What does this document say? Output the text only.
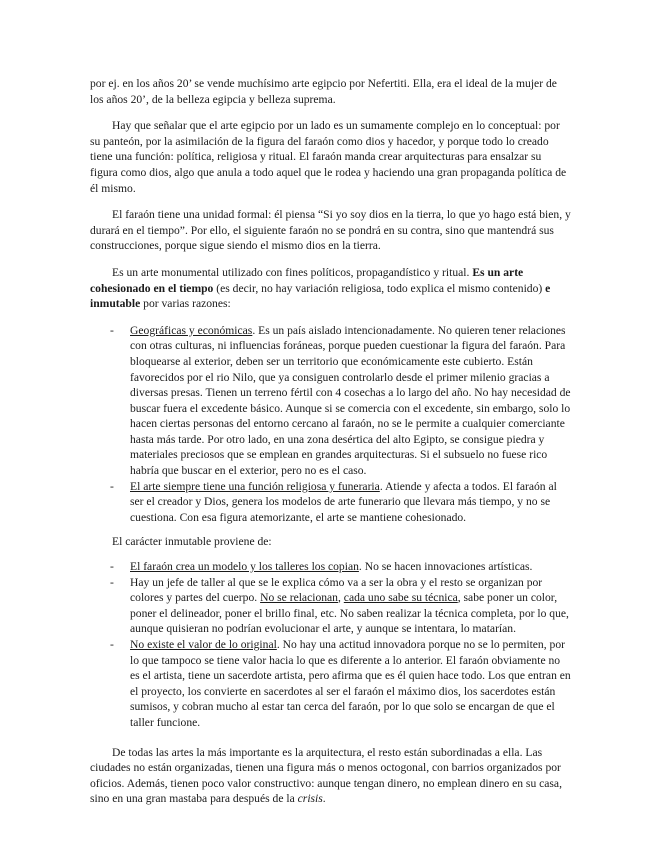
por ej. en los años 20’ se vende muchísimo arte egipcio por Nefertiti. Ella, era el ideal de la mujer de los años 20’, de la belleza egipcia y belleza suprema.

Hay que señalar que el arte egipcio por un lado es un sumamente complejo en lo conceptual: por su panteón, por la asimilación de la figura del faraón como dios y hacedor, y porque todo lo creado tiene una función: política, religiosa y ritual. El faraón manda crear arquitecturas para ensalzar su figura como dios, algo que anula a todo aquel que le rodea y haciendo una gran propaganda política de él mismo.

El faraón tiene una unidad formal: él piensa “Si yo soy dios en la tierra, lo que yo hago está bien, y durará en el tiempo”. Por ello, el siguiente faraón no se pondrá en su contra, sino que mantendrá sus construcciones, porque sigue siendo el mismo dios en la tierra.

Es un arte monumental utilizado con fines políticos, propagandístico y ritual. Es un arte cohesionado en el tiempo (es decir, no hay variación religiosa, todo explica el mismo contenido) e inmutable por varias razones:

- Geográficas y económicas. Es un país aislado intencionadamente. No quieren tener relaciones con otras culturas, ni influencias foráneas, porque pueden cuestionar la figura del faraón. Para bloquearse al exterior, deben ser un territorio que económicamente este cubierto. Están favorecidos por el rio Nilo, que ya consiguen controlarlo desde el primer milenio gracias a diversas presas. Tienen un terreno fértil con 4 cosechas a lo largo del año. No hay necesidad de buscar fuera el excedente básico. Aunque si se comercia con el excedente, sin embargo, solo lo hacen ciertas personas del entorno cercano al faraón, no se le permite a cualquier comerciante hasta más tarde. Por otro lado, en una zona desértica del alto Egipto, se consigue piedra y materiales preciosos que se emplean en grandes arquitecturas. Si el subsuelo no fuese rico habría que buscar en el exterior, pero no es el caso.
- El arte siempre tiene una función religiosa y funeraria. Atiende y afecta a todos. El faraón al ser el creador y Dios, genera los modelos de arte funerario que llevara más tiempo, y no se cuestiona. Con esa figura atemorizante, el arte se mantiene cohesionado.

El carácter inmutable proviene de:

- El faraón crea un modelo y los talleres los copian. No se hacen innovaciones artísticas.
- Hay un jefe de taller al que se le explica cómo va a ser la obra y el resto se organizan por colores y partes del cuerpo. No se relacionan, cada uno sabe su técnica, sabe poner un color, poner el delineador, poner el brillo final, etc. No saben realizar la técnica completa, por lo que, aunque quisieran no podrían evolucionar el arte, y aunque se intentara, lo matarían.
- No existe el valor de lo original. No hay una actitud innovadora porque no se lo permiten, por lo que tampoco se tiene valor hacia lo que es diferente a lo anterior. El faraón obviamente no es el artista, tiene un sacerdote artista, pero afirma que es él quien hace todo. Los que entran en el proyecto, los convierte en sacerdotes al ser el faraón el máximo dios, los sacerdotes están sumisos, y cobran mucho al estar tan cerca del faraón, por lo que solo se encargan de que el taller funcione.

De todas las artes la más importante es la arquitectura, el resto están subordinadas a ella. Las ciudades no están organizadas, tienen una figura más o menos octogonal, con barrios organizados por oficios. Además, tienen poco valor constructivo: aunque tengan dinero, no emplean dinero en su casa, sino en una gran mastaba para después de la crisis.
